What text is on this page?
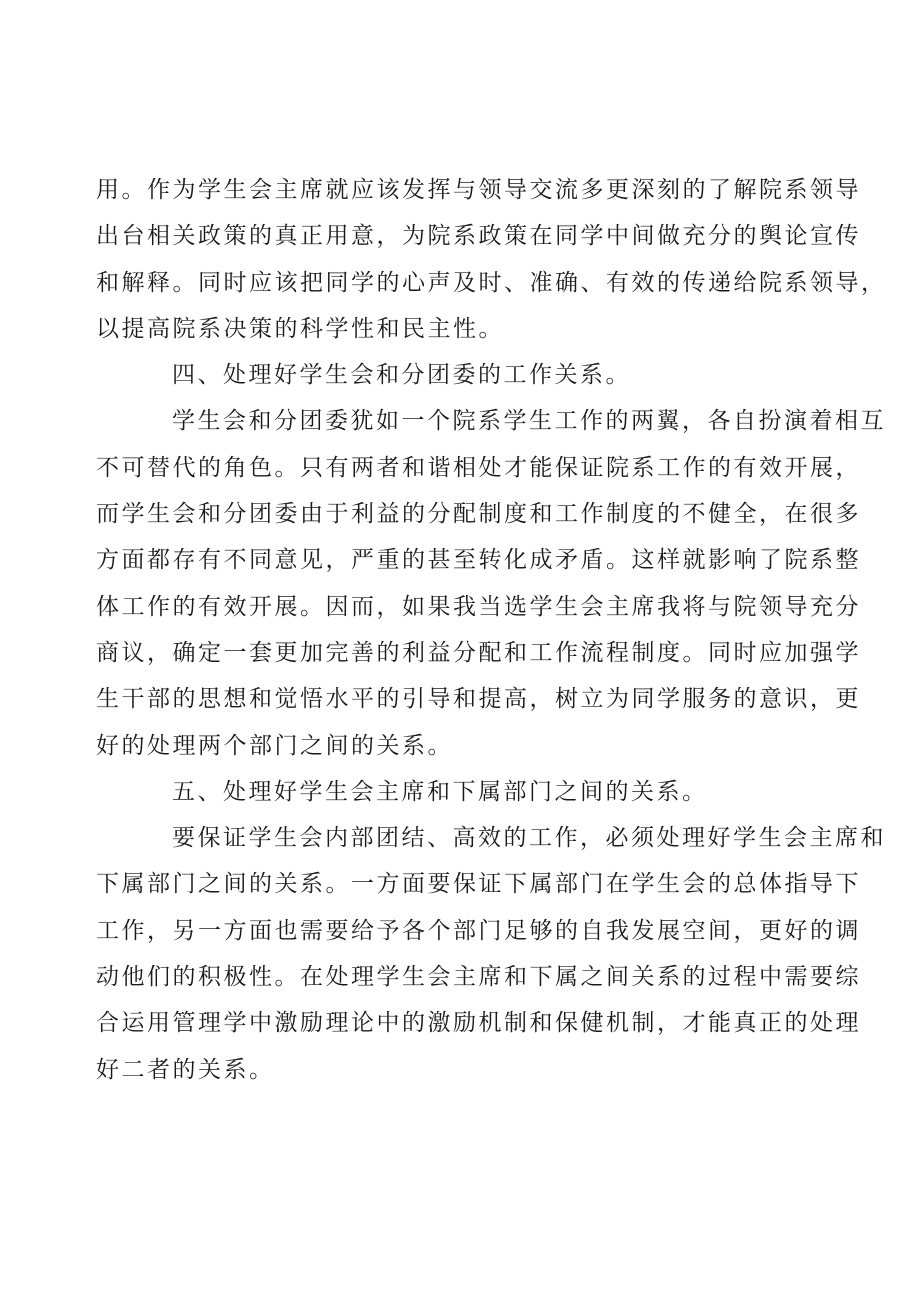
用。作为学生会主席就应该发挥与领导交流多更深刻的了解院系领导
出台相关政策的真正用意，为院系政策在同学中间做充分的舆论宣传
和解释。同时应该把同学的心声及时、准确、有效的传递给院系领导，
以提高院系决策的科学性和民主性。
四、处理好学生会和分团委的工作关系。
学生会和分团委犹如一个院系学生工作的两翼，各自扮演着相互
不可替代的角色。只有两者和谐相处才能保证院系工作的有效开展，
而学生会和分团委由于利益的分配制度和工作制度的不健全，在很多
方面都存有不同意见，严重的甚至转化成矛盾。这样就影响了院系整
体工作的有效开展。因而，如果我当选学生会主席我将与院领导充分
商议，确定一套更加完善的利益分配和工作流程制度。同时应加强学
生干部的思想和觉悟水平的引导和提高，树立为同学服务的意识，更
好的处理两个部门之间的关系。
五、处理好学生会主席和下属部门之间的关系。
要保证学生会内部团结、高效的工作，必须处理好学生会主席和
下属部门之间的关系。一方面要保证下属部门在学生会的总体指导下
工作，另一方面也需要给予各个部门足够的自我发展空间，更好的调
动他们的积极性。在处理学生会主席和下属之间关系的过程中需要综
合运用管理学中激励理论中的激励机制和保健机制，才能真正的处理
好二者的关系。
